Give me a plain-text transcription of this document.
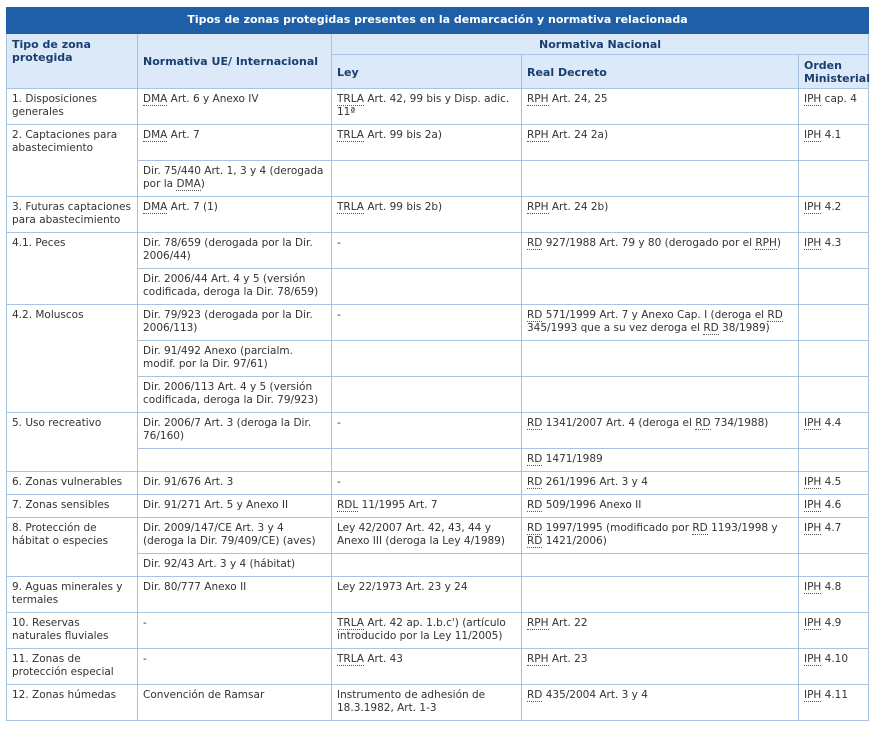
Tipos de zonas protegidas presentes en la demarcación y normativa relacionada				
Tipo de zona protegida	Normativa UE/ Internacional	Normativa Nacional		
		Ley	Real Decreto	Orden Ministerial
1. Disposiciones generales	DMA Art. 6 y Anexo IV	TRLA Art. 42, 99 bis y Disp. adic. 11ª	RPH Art. 24, 25	IPH cap. 4
2. Captaciones para abastecimiento	DMA Art. 7	TRLA Art. 99 bis 2a)	RPH Art. 24 2a)	IPH 4.1
	Dir. 75/440 Art. 1, 3 y 4 (derogada por la DMA)			
3. Futuras captaciones para abastecimiento	DMA Art. 7 (1)	TRLA Art. 99 bis 2b)	RPH Art. 24 2b)	IPH 4.2
4.1. Peces	Dir. 78/659 (derogada por la Dir. 2006/44)	-	RD 927/1988 Art. 79 y 80 (derogado por el RPH)	IPH 4.3
	Dir. 2006/44 Art. 4 y 5 (versión codificada, deroga la Dir. 78/659)			
4.2. Moluscos	Dir. 79/923 (derogada por la Dir. 2006/113)	-	RD 571/1999 Art. 7 y Anexo Cap. I (deroga el RD 345/1993 que a su vez deroga el RD 38/1989)	
	Dir. 91/492 Anexo (parcialm. modif. por la Dir. 97/61)			
	Dir. 2006/113 Art. 4 y 5 (versión codificada, deroga la Dir. 79/923)			
5. Uso recreativo	Dir. 2006/7 Art. 3 (deroga la Dir. 76/160)	-	RD 1341/2007 Art. 4 (deroga el RD 734/1988)	IPH 4.4
			RD 1471/1989	
6. Zonas vulnerables	Dir. 91/676 Art. 3	-	RD 261/1996 Art. 3 y 4	IPH 4.5
7. Zonas sensibles	Dir. 91/271 Art. 5 y Anexo II	RDL 11/1995 Art. 7	RD 509/1996 Anexo II	IPH 4.6
8. Protección de hábitat o especies	Dir. 2009/147/CE Art. 3 y 4 (deroga la Dir. 79/409/CE) (aves)	Ley 42/2007 Art. 42, 43, 44 y Anexo III (deroga la Ley 4/1989)	RD 1997/1995 (modificado por RD 1193/1998 y RD 1421/2006)	IPH 4.7
	Dir. 92/43 Art. 3 y 4 (hábitat)			
9. Aguas minerales y termales	Dir. 80/777 Anexo II	Ley 22/1973 Art. 23 y 24		IPH 4.8
10. Reservas naturales fluviales	-	TRLA Art. 42 ap. 1.b.c') (artículo introducido por la Ley 11/2005)	RPH Art. 22	IPH 4.9
11. Zonas de protección especial	-	TRLA Art. 43	RPH Art. 23	IPH 4.10
12. Zonas húmedas	Convención de Ramsar	Instrumento de adhesión de 18.3.1982, Art. 1-3	RD 435/2004 Art. 3 y 4	IPH 4.11
